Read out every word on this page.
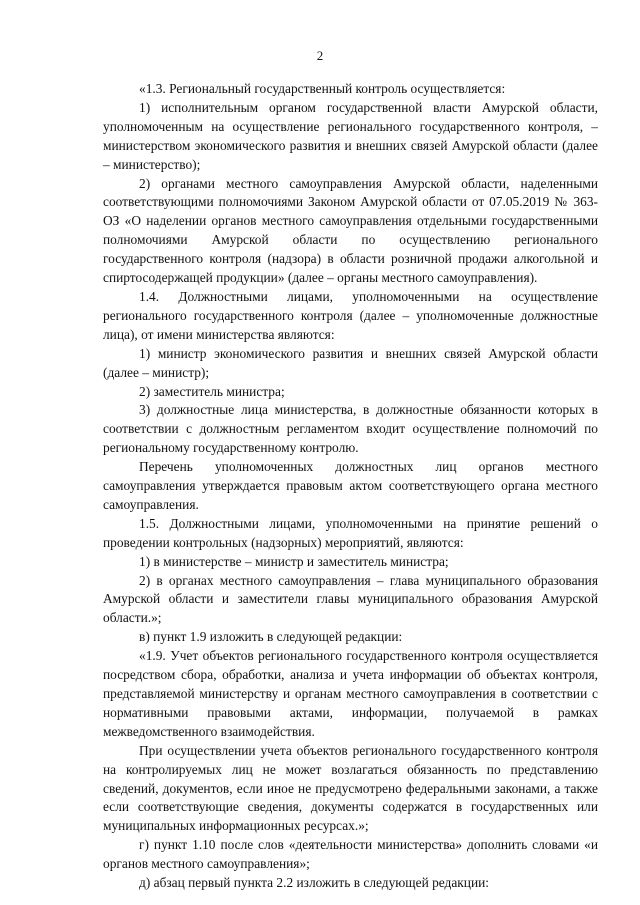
2

«1.3. Региональный государственный контроль осуществляется:

1) исполнительным органом государственной власти Амурской области, уполномоченным на осуществление регионального государственного контроля, – министерством экономического развития и внешних связей Амурской области (далее – министерство);

2) органами местного самоуправления Амурской области, наделенными соответствующими полномочиями Законом Амурской области от 07.05.2019 № 363-ОЗ «О наделении органов местного самоуправления отдельными государственными полномочиями Амурской области по осуществлению регионального государственного контроля (надзора) в области розничной продажи алкогольной и спиртосодержащей продукции» (далее – органы местного самоуправления).

1.4. Должностными лицами, уполномоченными на осуществление регионального государственного контроля (далее – уполномоченные должностные лица), от имени министерства являются:

1) министр экономического развития и внешних связей Амурской области (далее – министр);

2) заместитель министра;

3) должностные лица министерства, в должностные обязанности которых в соответствии с должностным регламентом входит осуществление полномочий по региональному государственному контролю.

Перечень уполномоченных должностных лиц органов местного самоуправления утверждается правовым актом соответствующего органа местного самоуправления.

1.5. Должностными лицами, уполномоченными на принятие решений о проведении контрольных (надзорных) мероприятий, являются:

1) в министерстве – министр и заместитель министра;

2) в органах местного самоуправления – глава муниципального образования Амурской области и заместители главы муниципального образования Амурской области.»;

в) пункт 1.9 изложить в следующей редакции:

«1.9. Учет объектов регионального государственного контроля осуществляется посредством сбора, обработки, анализа и учета информации об объектах контроля, представляемой министерству и органам местного самоуправления в соответствии с нормативными правовыми актами, информации, получаемой в рамках межведомственного взаимодействия.

При осуществлении учета объектов регионального государственного контроля на контролируемых лиц не может возлагаться обязанность по представлению сведений, документов, если иное не предусмотрено федеральными законами, а также если соответствующие сведения, документы содержатся в государственных или муниципальных информационных ресурсах.»;

г) пункт 1.10 после слов «деятельности министерства» дополнить словами «и органов местного самоуправления»;

д) абзац первый пункта 2.2 изложить в следующей редакции:
